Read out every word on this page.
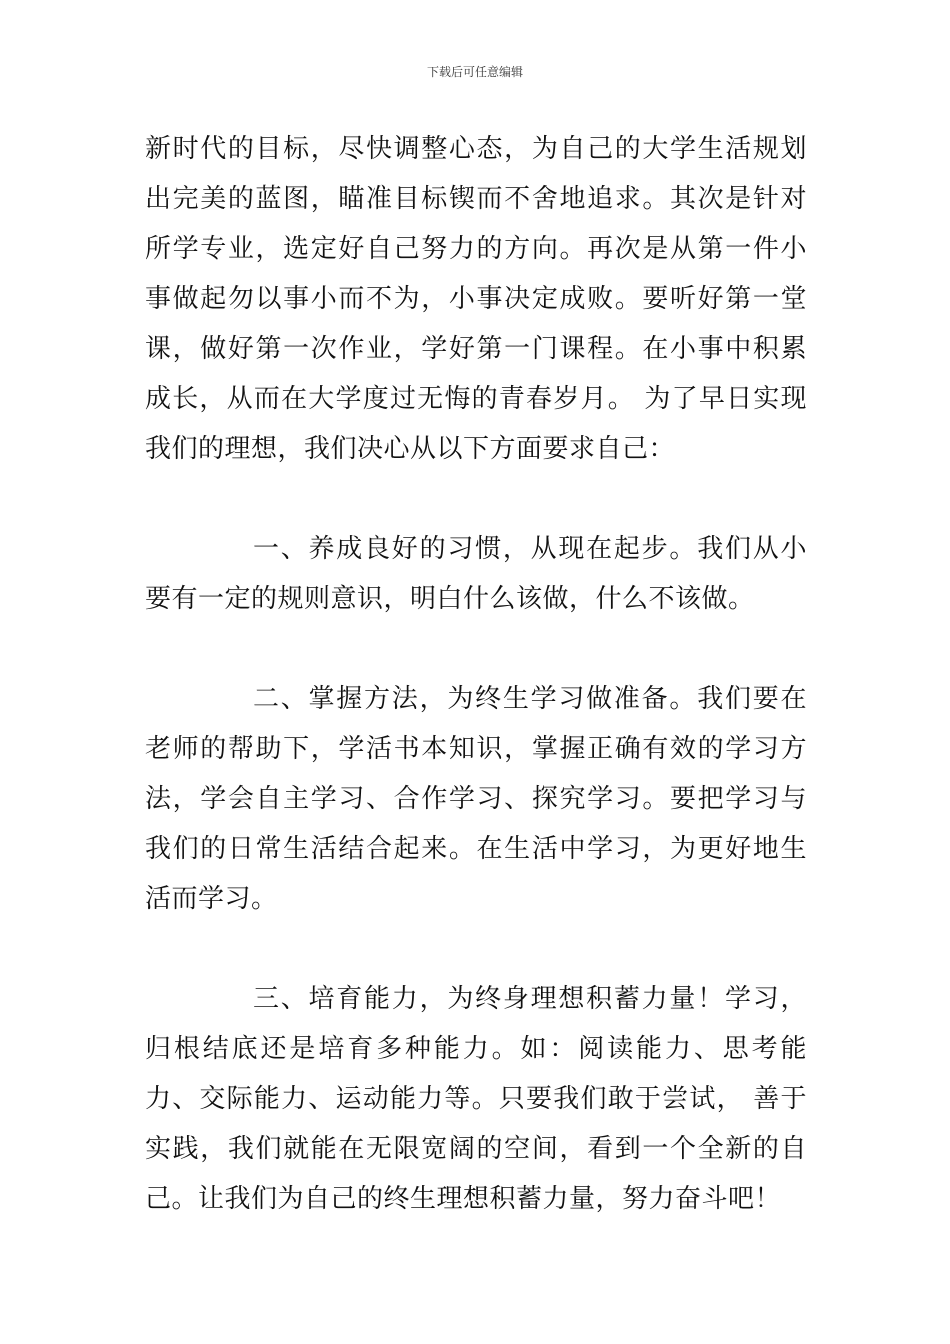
下载后可任意编辑

新时代的目标，尽快调整心态，为自己的大学生活规划出完美的蓝图，瞄准目标锲而不舍地追求。其次是针对所学专业，选定好自己努力的方向。再次是从第一件小事做起勿以事小而不为，小事决定成败。要听好第一堂课，做好第一次作业，学好第一门课程。在小事中积累成长，从而在大学度过无悔的青春岁月。 为了早日实现我们的理想，我们决心从以下方面要求自己：

一、养成良好的习惯，从现在起步。我们从小要有一定的规则意识，明白什么该做，什么不该做。

二、掌握方法，为终生学习做准备。我们要在老师的帮助下，学活书本知识，掌握正确有效的学习方法，学会自主学习、合作学习、探究学习。要把学习与我们的日常生活结合起来。在生活中学习，为更好地生活而学习。

三、培育能力，为终身理想积蓄力量！学习，归根结底还是培育多种能力。如：阅读能力、思考能力、交际能力、运动能力等。只要我们敢于尝试， 善于实践，我们就能在无限宽阔的空间，看到一个全新的自己。让我们为自己的终生理想积蓄力量，努力奋斗吧！
